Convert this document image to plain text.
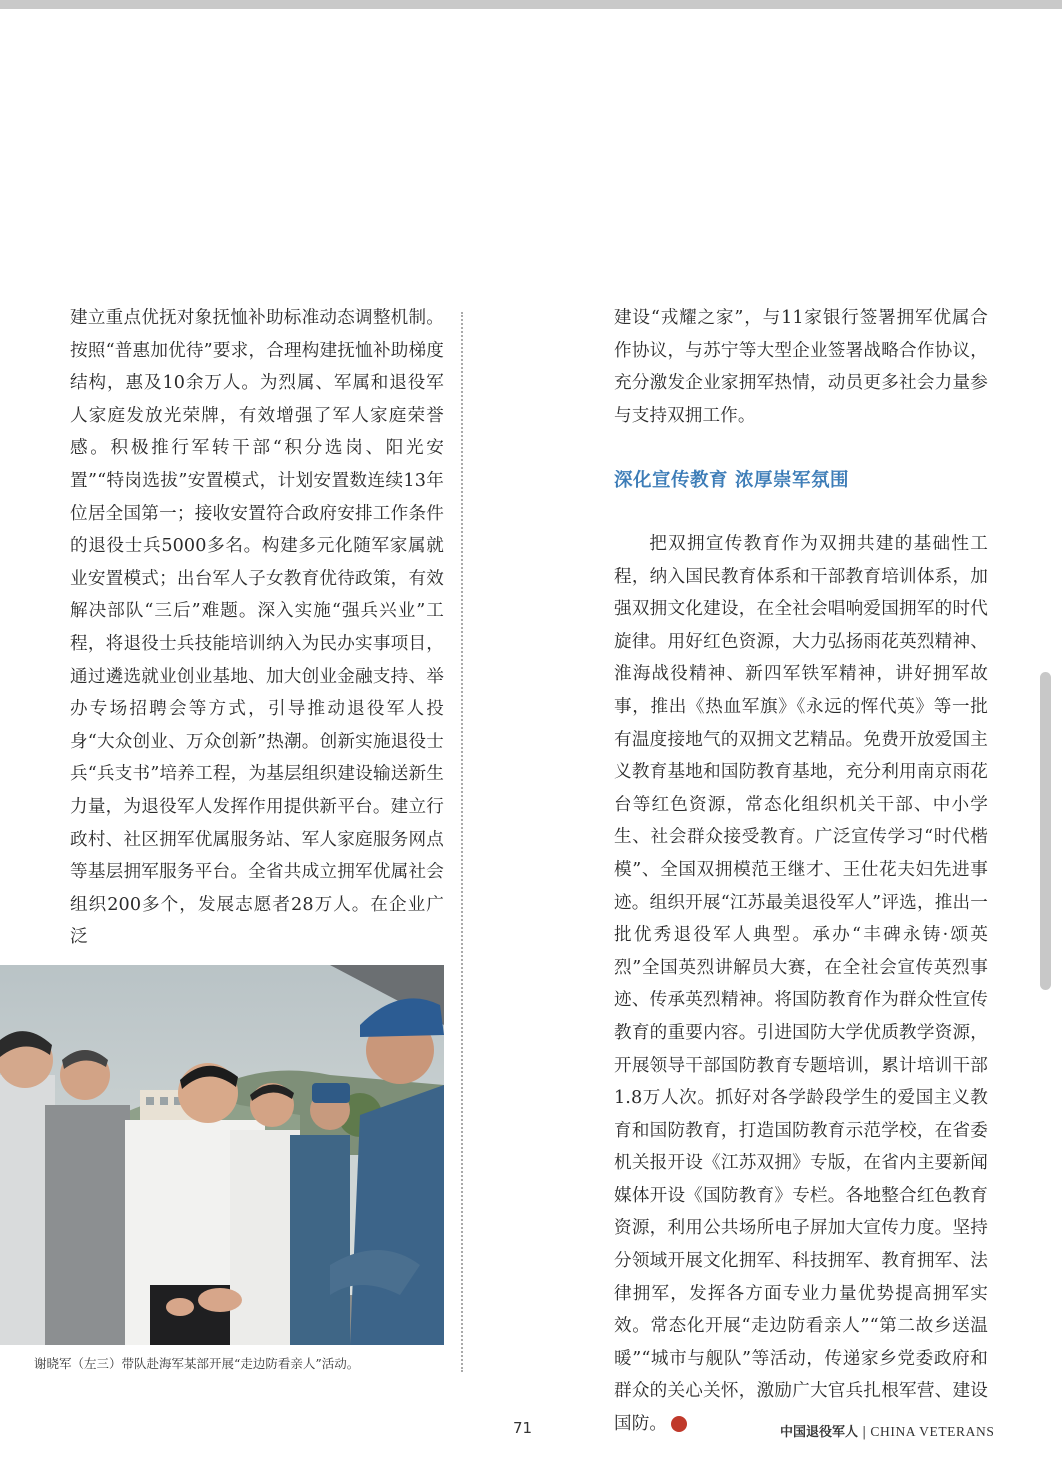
建立重点优抚对象抚恤补助标准动态调整机制。按照“普惠加优待”要求，合理构建抚恤补助梯度结构，惠及10余万人。为烈属、军属和退役军人家庭发放光荣牌，有效增强了军人家庭荣誉感。积极推行军转干部“积分选岗、阳光安置”“特岗选拔”安置模式，计划安置数连续13年位居全国第一；接收安置符合政府安排工作条件的退役士兵5000多名。构建多元化随军家属就业安置模式；出台军人子女教育优待政策，有效解决部队“三后”难题。深入实施“强兵兴业”工程，将退役士兵技能培训纳入为民办实事项目，通过遴选就业创业基地、加大创业金融支持、举办专场招聘会等方式，引导推动退役军人投身“大众创业、万众创新”热潮。创新实施退役士兵“兵支书”培养工程，为基层组织建设输送新生力量，为退役军人发挥作用提供新平台。建立行政村、社区拥军优属服务站、军人家庭服务网点等基层拥军服务平台。全省共成立拥军优属社会组织200多个，发展志愿者28万人。在企业广泛

建设“戎耀之家”，与11家银行签署拥军优属合作协议，与苏宁等大型企业签署战略合作协议，充分激发企业家拥军热情，动员更多社会力量参与支持双拥工作。

深化宣传教育 浓厚崇军氛围

把双拥宣传教育作为双拥共建的基础性工程，纳入国民教育体系和干部教育培训体系，加强双拥文化建设，在全社会唱响爱国拥军的时代旋律。用好红色资源，大力弘扬雨花英烈精神、淮海战役精神、新四军铁军精神，讲好拥军故事，推出《热血军旗》《永远的恽代英》等一批有温度接地气的双拥文艺精品。免费开放爱国主义教育基地和国防教育基地，充分利用南京雨花台等红色资源，常态化组织机关干部、中小学生、社会群众接受教育。广泛宣传学习“时代楷模”、全国双拥模范王继才、王仕花夫妇先进事迹。组织开展“江苏最美退役军人”评选，推出一批优秀退役军人典型。承办“丰碑永铸·颂英烈”全国英烈讲解员大赛，在全社会宣传英烈事迹、传承英烈精神。将国防教育作为群众性宣传教育的重要内容。引进国防大学优质教学资源，开展领导干部国防教育专题培训，累计培训干部1.8万人次。抓好对各学龄段学生的爱国主义教育和国防教育，打造国防教育示范学校，在省委机关报开设《江苏双拥》专版，在省内主要新闻媒体开设《国防教育》专栏。各地整合红色教育资源，利用公共场所电子屏加大宣传力度。坚持分领域开展文化拥军、科技拥军、教育拥军、法律拥军，发挥各方面专业力量优势提高拥军实效。常态化开展“走边防看亲人”“第二故乡送温暖”“城市与舰队”等活动，传递家乡党委政府和群众的关心关怀，激励广大官兵扎根军营、建设国防。	V

谢晓军（左三）带队赴海军某部开展“走边防看亲人”活动。
71	中国退役军人 | CHINA VETERANS
